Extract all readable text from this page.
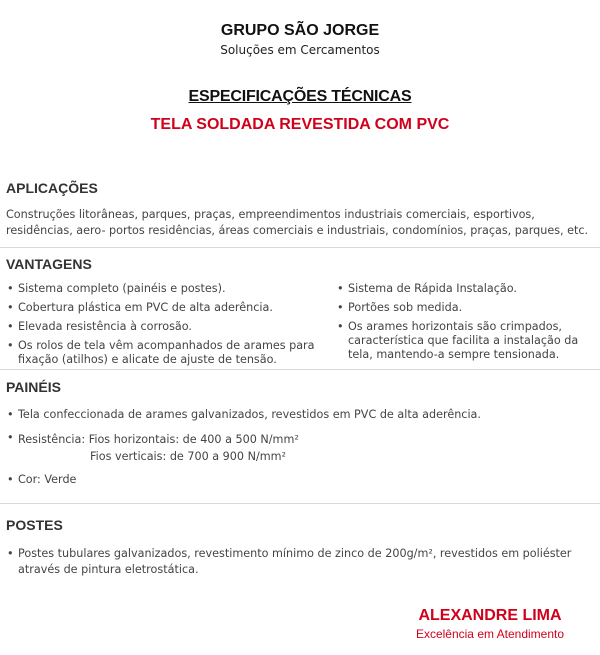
GRUPO SÃO JORGE
Soluções em Cercamentos
ESPECIFICAÇÕES TÉCNICAS
TELA SOLDADA REVESTIDA COM PVC
APLICAÇÕES
Construções litorâneas, parques, praças, empreendimentos industriais comerciais, esportivos, residências, aero- portos residências, áreas comerciais e industriais, condomínios, praças, parques, etc.
VANTAGENS
• Sistema completo (painéis e postes).
• Cobertura plástica em PVC de alta aderência.
• Elevada resistência à corrosão.
• Os rolos de tela vêm acompanhados de arames para fixação (atilhos) e alicate de ajuste de tensão.
• Sistema de Rápida Instalação.
• Portões sob medida.
• Os arames horizontais são crimpados, característica que facilita a instalação da tela, mantendo-a sempre tensionada.
PAINÉIS
• Tela confeccionada de arames galvanizados, revestidos em PVC de alta aderência.
• Resistência: Fios horizontais: de 400 a 500 N/mm²
Fios verticais: de 700 a 900 N/mm²
• Cor: Verde
POSTES
• Postes tubulares galvanizados, revestimento mínimo de zinco de 200g/m², revestidos em poliéster através de pintura eletrostática.
ALEXANDRE LIMA
Excelência em Atendimento
